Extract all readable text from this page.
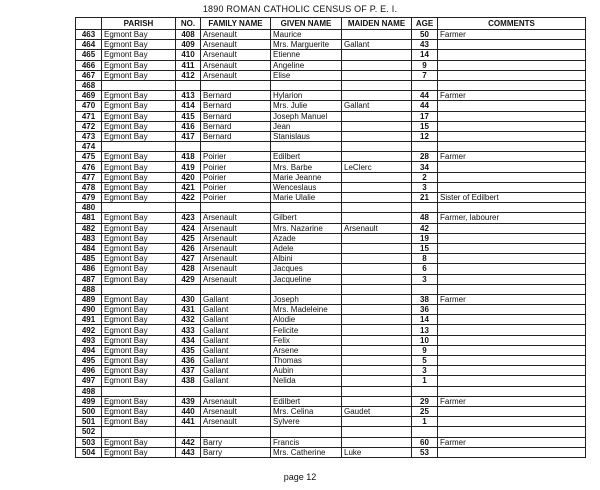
1890 ROMAN CATHOLIC CENSUS OF P. E. I.
	PARISH	NO.	FAMILY NAME	GIVEN NAME	MAIDEN NAME	AGE	COMMENTS
463	Egmont Bay	408	Arsenault	Maurice		50	Farmer
464	Egmont Bay	409	Arsenault	Mrs. Marguerite	Gallant	43	
465	Egmont Bay	410	Arsenault	Etienne		14	
466	Egmont Bay	411	Arsenault	Angeline		9	
467	Egmont Bay	412	Arsenault	Elise		7	
468							
469	Egmont Bay	413	Bernard	Hylarion		44	Farmer
470	Egmont Bay	414	Bernard	Mrs. Julie	Gallant	44	
471	Egmont Bay	415	Bernard	Joseph Manuel		17	
472	Egmont Bay	416	Bernard	Jean		15	
473	Egmont Bay	417	Bernard	Stanislaus		12	
474							
475	Egmont Bay	418	Poirier	Edilbert		28	Farmer
476	Egmont Bay	419	Poirier	Mrs. Barbe	LeClerc	34	
477	Egmont Bay	420	Poirier	Marie Jeanne		2	
478	Egmont Bay	421	Poirier	Wenceslaus		3	
479	Egmont Bay	422	Poirier	Marie Ulalie		21	Sister of Edilbert
480							
481	Egmont Bay	423	Arsenault	Gilbert		48	Farmer, labourer
482	Egmont Bay	424	Arsenault	Mrs. Nazarine	Arsenault	42	
483	Egmont Bay	425	Arsenault	Azade		19	
484	Egmont Bay	426	Arsenault	Adele		15	
485	Egmont Bay	427	Arsenault	Albini		8	
486	Egmont Bay	428	Arsenault	Jacques		6	
487	Egmont Bay	429	Arsenault	Jacqueline		3	
488							
489	Egmont Bay	430	Gallant	Joseph		38	Farmer
490	Egmont Bay	431	Gallant	Mrs. Madeleine		36	
491	Egmont Bay	432	Gallant	Alodie		14	
492	Egmont Bay	433	Gallant	Felicite		13	
493	Egmont Bay	434	Gallant	Felix		10	
494	Egmont Bay	435	Gallant	Arsene		9	
495	Egmont Bay	436	Gallant	Thomas		5	
496	Egmont Bay	437	Gallant	Aubin		3	
497	Egmont Bay	438	Gallant	Nelida		1	
498							
499	Egmont Bay	439	Arsenault	Edilbert		29	Farmer
500	Egmont Bay	440	Arsenault	Mrs. Celina	Gaudet	25	
501	Egmont Bay	441	Arsenault	Sylvere		1	
502							
503	Egmont Bay	442	Barry	Francis		60	Farmer
504	Egmont Bay	443	Barry	Mrs. Catherine	Luke	53	
page 12
